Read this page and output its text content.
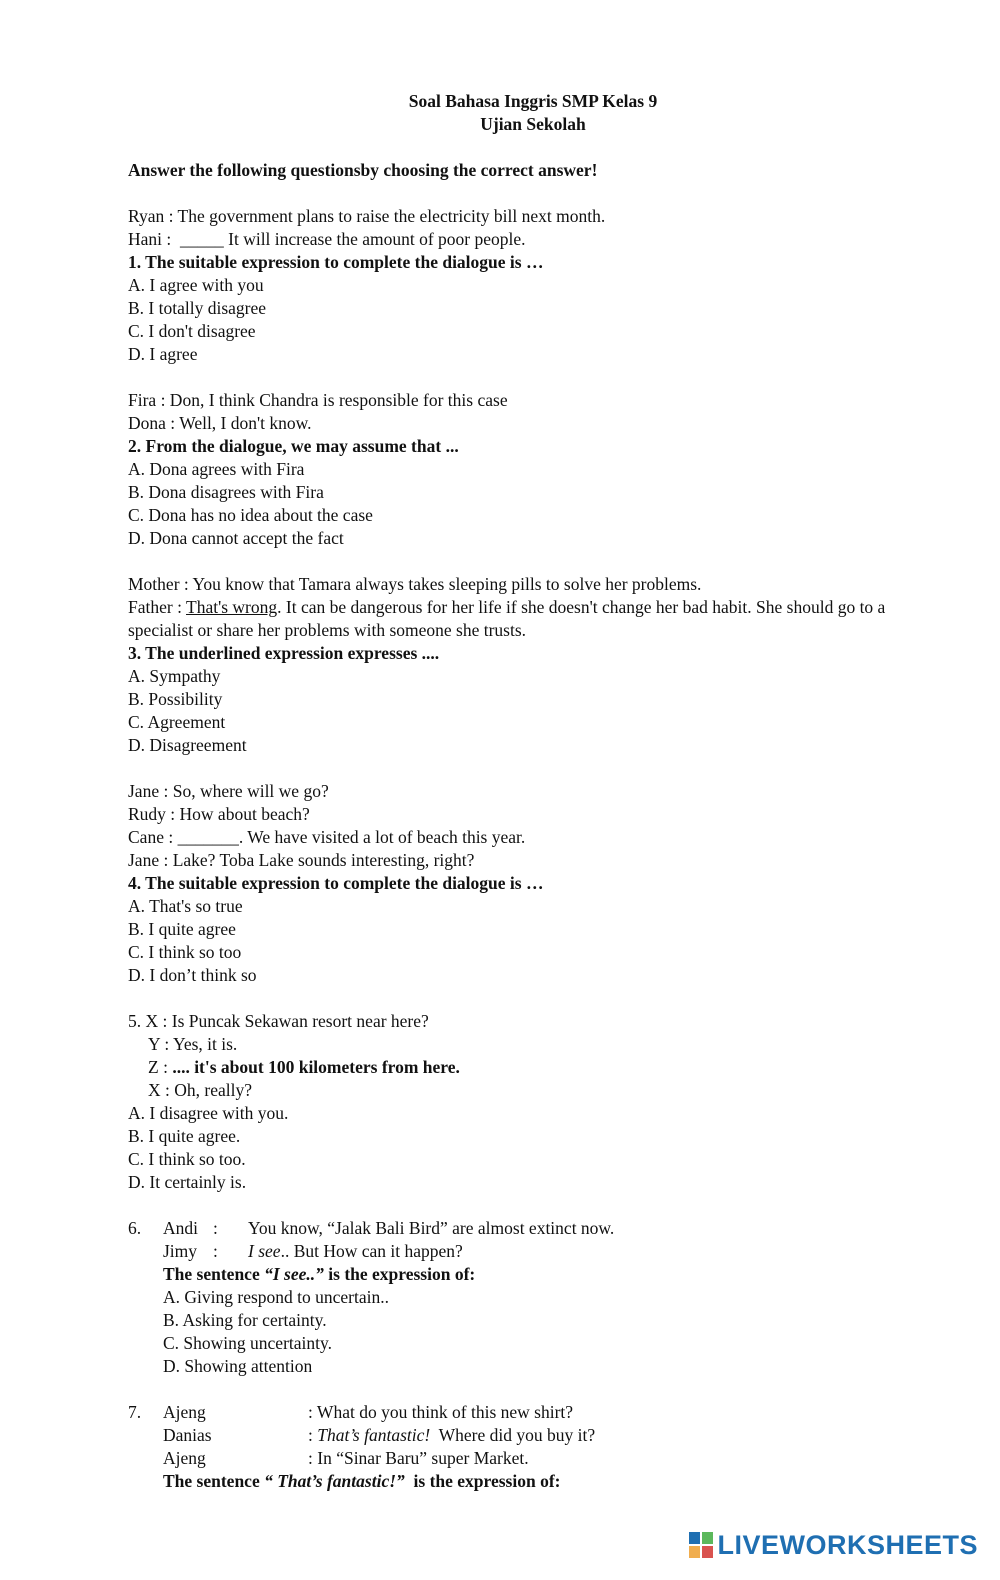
Soal Bahasa Inggris SMP Kelas 9
Ujian Sekolah
Answer the following questionsby choosing the correct answer!
Ryan : The government plans to raise the electricity bill next month.
Hani :  _____ It will increase the amount of poor people.
1. The suitable expression to complete the dialogue is …
A. I agree with you
B. I totally disagree
C. I don't disagree
D. I agree
Fira : Don, I think Chandra is responsible for this case
Dona : Well, I don't know.
2. From the dialogue, we may assume that ...
A. Dona agrees with Fira
B. Dona disagrees with Fira
C. Dona has no idea about the case
D. Dona cannot accept the fact
Mother : You know that Tamara always takes sleeping pills to solve her problems.
Father : That's wrong. It can be dangerous for her life if she doesn't change her bad habit. She should go to a specialist or share her problems with someone she trusts.
3. The underlined expression expresses ....
A. Sympathy
B. Possibility
C. Agreement
D. Disagreement
Jane : So, where will we go?
Rudy : How about beach?
Cane : _______. We have visited a lot of beach this year.
Jane : Lake? Toba Lake sounds interesting, right?
4. The suitable expression to complete the dialogue is …
A. That's so true
B. I quite agree
C. I think so too
D. I don’t think so
5. X : Is Puncak Sekawan resort near here?
Y : Yes, it is.
Z : .... it's about 100 kilometers from here.
X : Oh, really?
A. I disagree with you.
B. I quite agree.
C. I think so too.
D. It certainly is.
6.	Andi :	You know, “Jalak Bali Bird” are almost extinct now.
Jimy :	I see.. But How can it happen?
The sentence “I see..” is the expression of:
A. Giving respond to uncertain..
B. Asking for certainty.
C. Showing uncertainty.
D. Showing attention
7.	Ajeng	: What do you think of this new shirt?
Danias	: That’s fantastic!  Where did you buy it?
Ajeng	: In “Sinar Baru” super Market.
The sentence “ That’s fantastic!”  is the expression of:
LIVEWORKSHEETS
